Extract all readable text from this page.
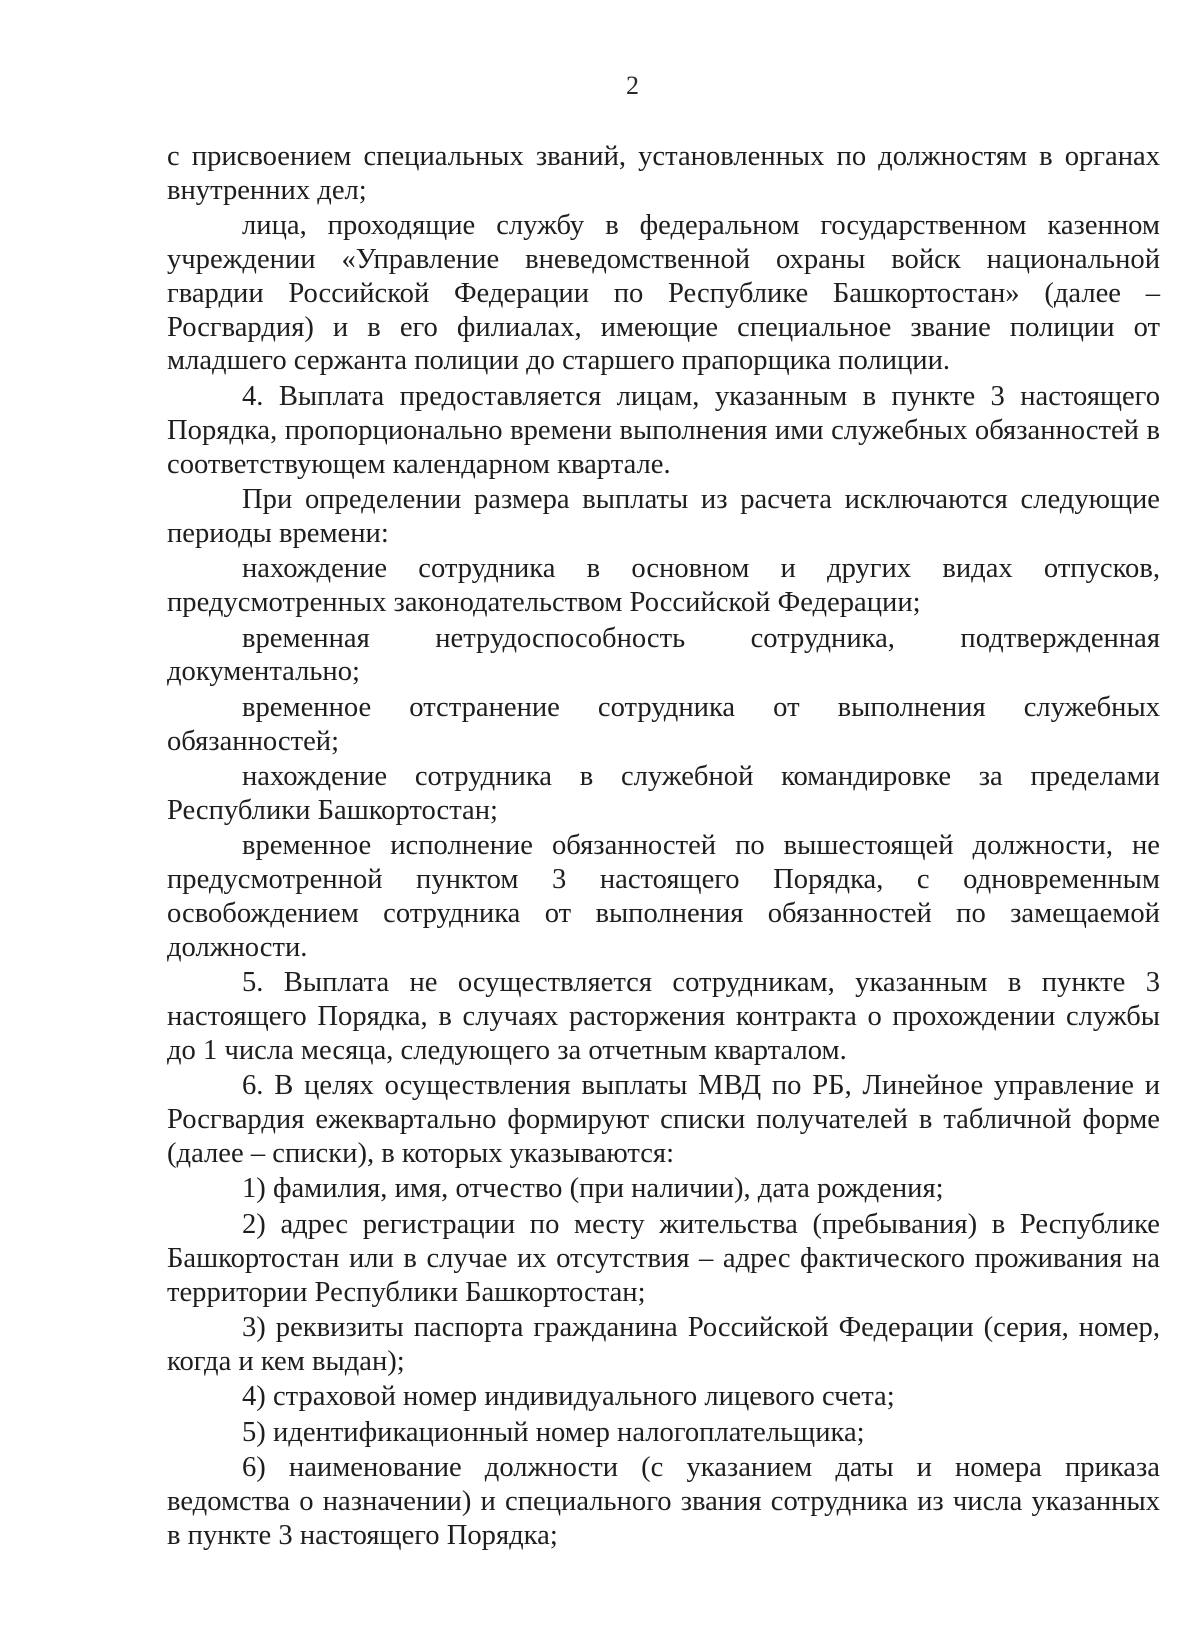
2

с присвоением специальных званий, установленных по должностям в органах внутренних дел;

лица, проходящие службу в федеральном государственном казенном учреждении «Управление вневедомственной охраны войск национальной гвардии Российской Федерации по Республике Башкортостан» (далее – Росгвардия) и в его филиалах, имеющие специальное звание полиции от младшего сержанта полиции до старшего прапорщика полиции.

4. Выплата предоставляется лицам, указанным в пункте 3 настоящего Порядка, пропорционально времени выполнения ими служебных обязанностей в соответствующем календарном квартале.

При определении размера выплаты из расчета исключаются следующие периоды времени:

нахождение сотрудника в основном и других видах отпусков, предусмотренных законодательством Российской Федерации;

временная нетрудоспособность сотрудника, подтвержденная документально;

временное отстранение сотрудника от выполнения служебных обязанностей;

нахождение сотрудника в служебной командировке за пределами Республики Башкортостан;

временное исполнение обязанностей по вышестоящей должности, не предусмотренной пунктом 3 настоящего Порядка, с одновременным освобождением сотрудника от выполнения обязанностей по замещаемой должности.

5. Выплата не осуществляется сотрудникам, указанным в пункте 3 настоящего Порядка, в случаях расторжения контракта о прохождении службы до 1 числа месяца, следующего за отчетным кварталом.

6. В целях осуществления выплаты МВД по РБ, Линейное управление и Росгвардия ежеквартально формируют списки получателей в табличной форме (далее – списки), в которых указываются:

1) фамилия, имя, отчество (при наличии), дата рождения;

2) адрес регистрации по месту жительства (пребывания) в Республике Башкортостан или в случае их отсутствия – адрес фактического проживания на территории Республики Башкортостан;

3) реквизиты паспорта гражданина Российской Федерации (серия, номер, когда и кем выдан);

4) страховой номер индивидуального лицевого счета;

5) идентификационный номер налогоплательщика;

6) наименование должности (с указанием даты и номера приказа ведомства о назначении) и специального звания сотрудника из числа указанных в пункте 3 настоящего Порядка;
